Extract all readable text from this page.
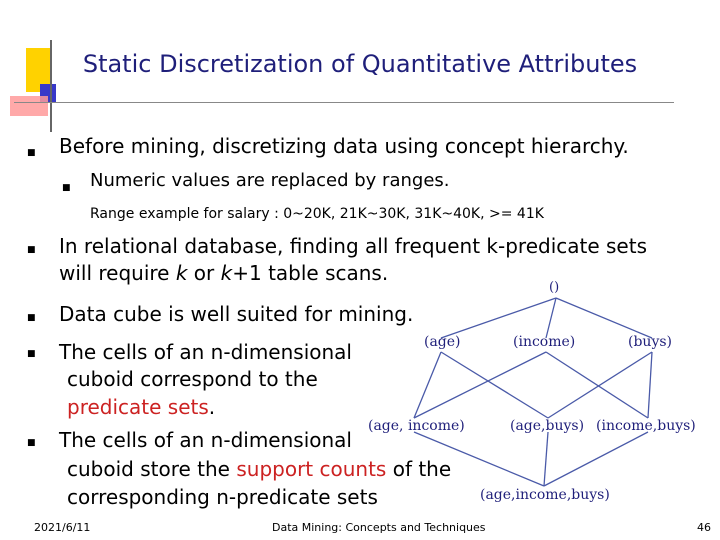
Static Discretization of Quantitative Attributes
■ Before mining, discretizing data using concept hierarchy.
■ Numeric values are replaced by ranges.
Range example for salary : 0~20K, 21K~30K, 31K~40K, >= 41K
■ In relational database, finding all frequent k-predicate sets
will require k or k+1 table scans.
■ Data cube is well suited for mining.
■ The cells of an n-dimensional
cuboid correspond to the
predicate sets.
■ The cells of an n-dimensional
cuboid store the support counts of the
corresponding n-predicate sets
()
(age)	(income)	(buys)
(age, income)	(age,buys) (income,buys)
(age,income,buys)
2021/6/11	Data Mining: Concepts and Techniques	46
